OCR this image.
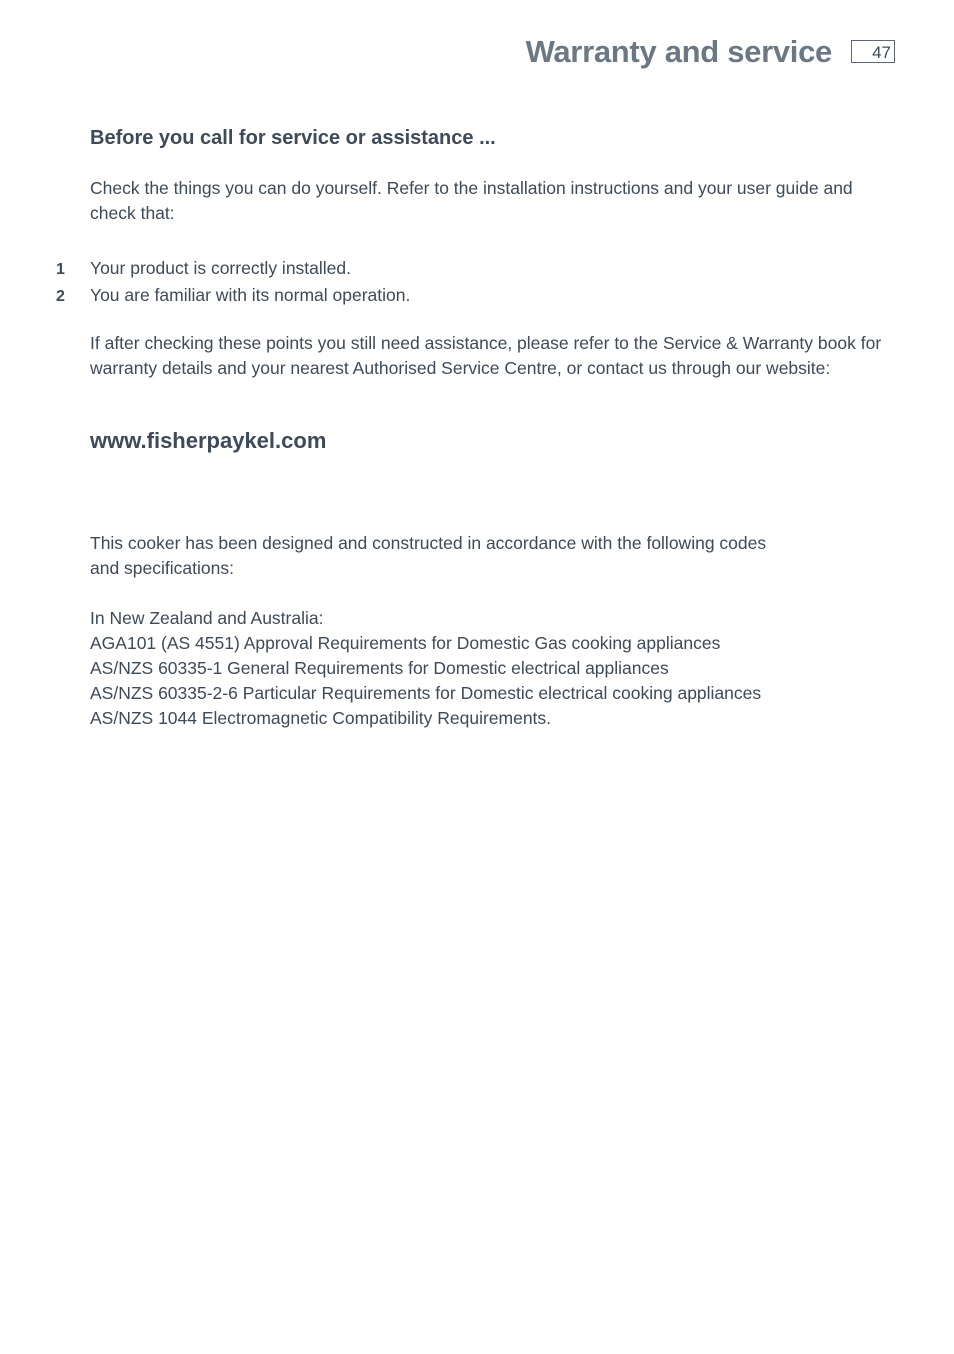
Warranty and service 47
Before you call for service or assistance ...

Check the things you can do yourself. Refer to the installation instructions and your user guide and check that:

1 Your product is correctly installed.
2 You are familiar with its normal operation.

If after checking these points you still need assistance, please refer to the Service & Warranty book for warranty details and your nearest Authorised Service Centre, or contact us through our website:

www.fisherpaykel.com

This cooker has been designed and constructed in accordance with the following codes and specifications:

In New Zealand and Australia:
AGA101 (AS 4551) Approval Requirements for Domestic Gas cooking appliances
AS/NZS 60335-1 General Requirements for Domestic electrical appliances
AS/NZS 60335-2-6 Particular Requirements for Domestic electrical cooking appliances
AS/NZS 1044 Electromagnetic Compatibility Requirements.
